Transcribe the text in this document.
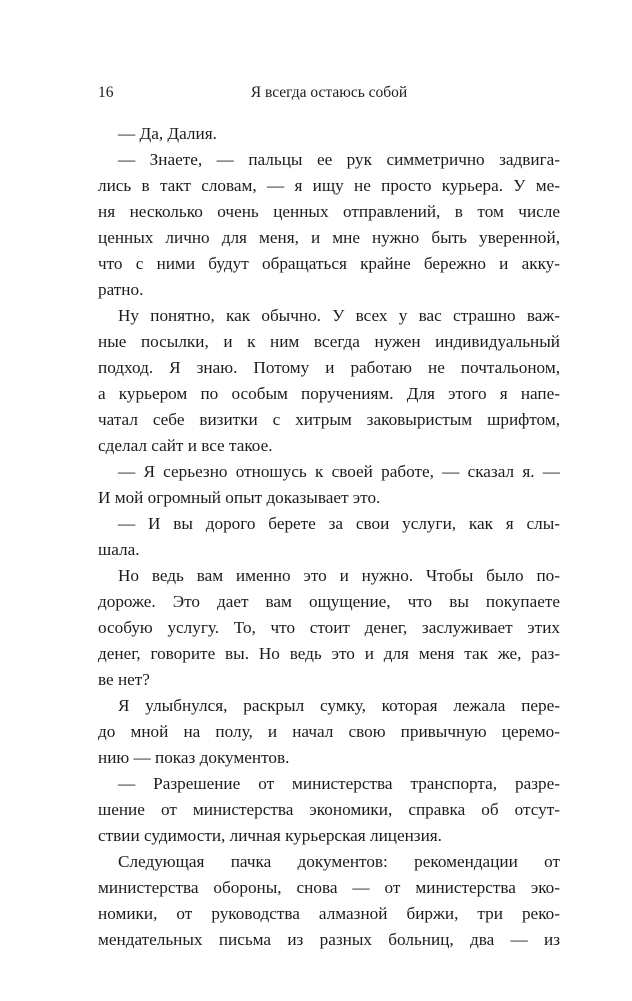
16	Я всегда остаюсь собой
— Да, Далия.
— Знаете, — пальцы ее рук симметрично задвига-
лись в такт словам, — я ищу не просто курьера. У ме-
ня несколько очень ценных отправлений, в том числе
ценных лично для меня, и мне нужно быть уверенной,
что с ними будут обращаться крайне бережно и акку-
ратно.
Ну понятно, как обычно. У всех у вас страшно важ-
ные посылки, и к ним всегда нужен индивидуальный
подход. Я знаю. Потому и работаю не почтальоном,
а курьером по особым поручениям. Для этого я напе-
чатал себе визитки с хитрым заковыристым шрифтом,
сделал сайт и все такое.
— Я серьезно отношусь к своей работе, — сказал я. —
И мой огромный опыт доказывает это.
— И вы дорого берете за свои услуги, как я слы-
шала.
Но ведь вам именно это и нужно. Чтобы было по-
дороже. Это дает вам ощущение, что вы покупаете
особую услугу. То, что стоит денег, заслуживает этих
денег, говорите вы. Но ведь это и для меня так же, раз-
ве нет?
Я улыбнулся, раскрыл сумку, которая лежала пере-
до мной на полу, и начал свою привычную церемо-
нию — показ документов.
— Разрешение от министерства транспорта, разре-
шение от министерства экономики, справка об отсут-
ствии судимости, личная курьерская лицензия.
Следующая пачка документов: рекомендации от
министерства обороны, снова — от министерства эко-
номики, от руководства алмазной биржи, три реко-
мендательных письма из разных больниц, два — из
